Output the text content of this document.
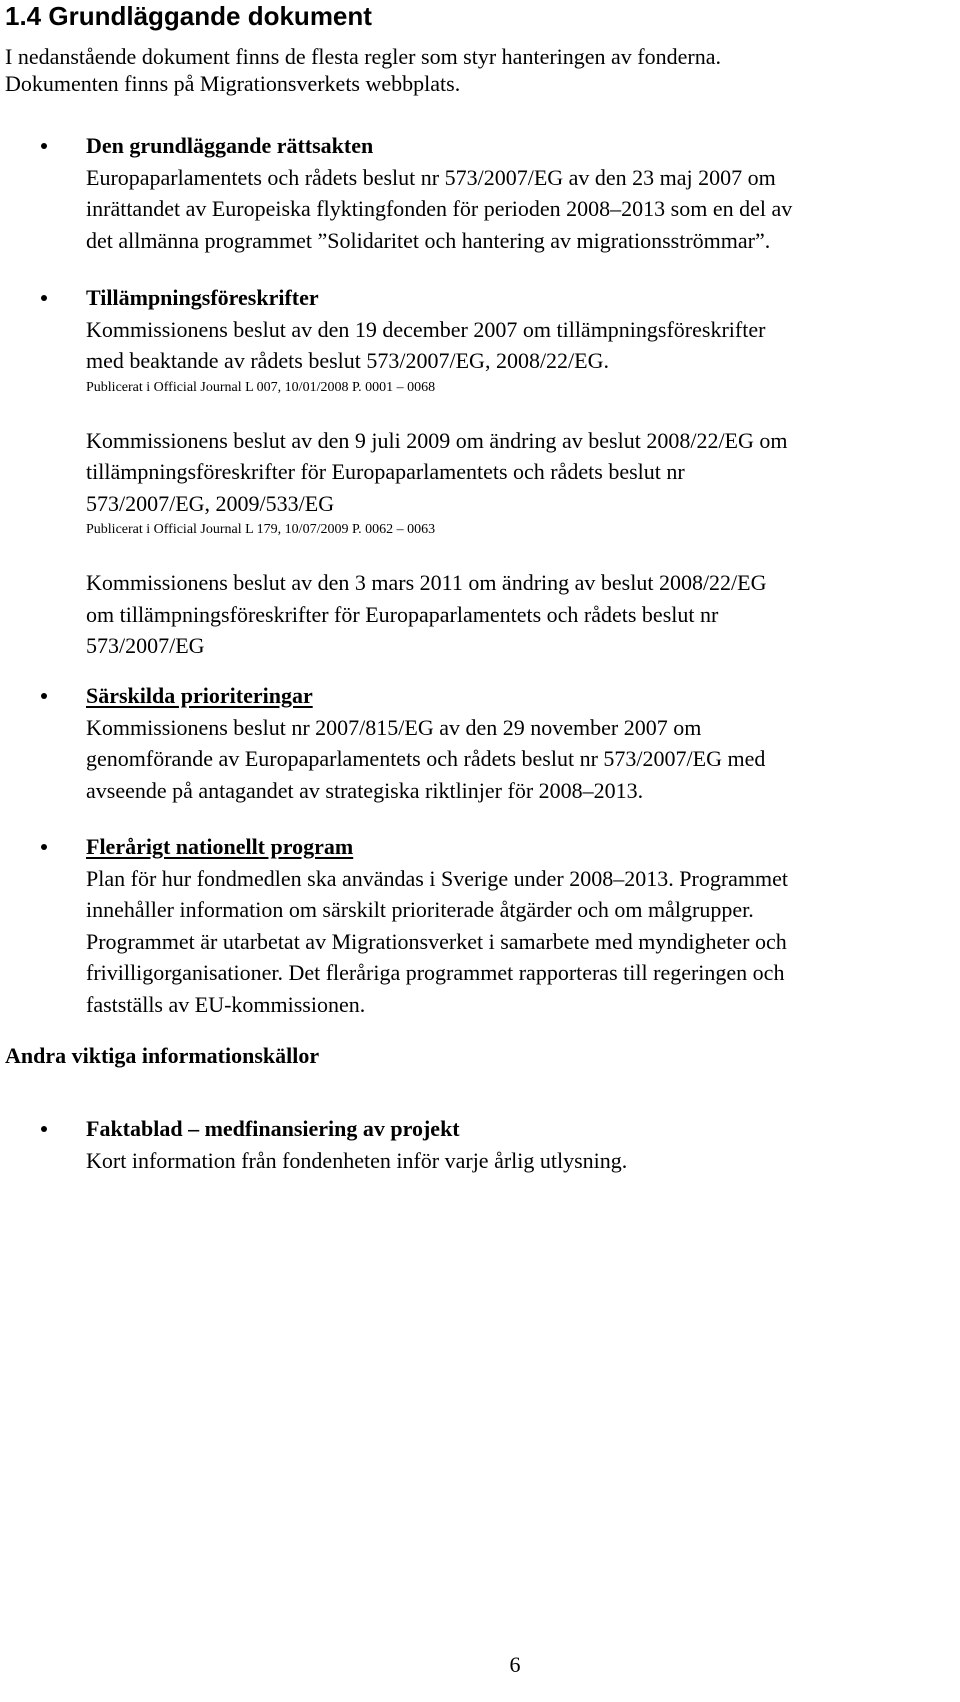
1.4 Grundläggande dokument

I nedanstående dokument finns de flesta regler som styr hanteringen av fonderna.
Dokumenten finns på Migrationsverkets webbplats.

Den grundläggande rättsakten
Europaparlamentets och rådets beslut nr 573/2007/EG av den 23 maj 2007 om
inrättandet av Europeiska flyktingfonden för perioden 2008–2013 som en del av
det allmänna programmet ”Solidaritet och hantering av migrationsströmmar”.
Tillämpningsföreskrifter
Kommissionens beslut av den 19 december 2007 om tillämpningsföreskrifter
med beaktande av rådets beslut 573/2007/EG, 2008/22/EG.
Publicerat i Official Journal L 007, 10/01/2008 P. 0001 – 0068
Kommissionens beslut av den 9 juli 2009 om ändring av beslut 2008/22/EG om
tillämpningsföreskrifter för Europaparlamentets och rådets beslut nr
573/2007/EG, 2009/533/EG
Publicerat i Official Journal L 179, 10/07/2009 P. 0062 – 0063
Kommissionens beslut av den 3 mars 2011 om ändring av beslut 2008/22/EG
om tillämpningsföreskrifter för Europaparlamentets och rådets beslut nr
573/2007/EG
Särskilda prioriteringar
Kommissionens beslut nr 2007/815/EG av den 29 november 2007 om
genomförande av Europaparlamentets och rådets beslut nr 573/2007/EG med
avseende på antagandet av strategiska riktlinjer för 2008–2013.
Flerårigt nationellt program
Plan för hur fondmedlen ska användas i Sverige under 2008–2013. Programmet
innehåller information om särskilt prioriterade åtgärder och om målgrupper.
Programmet är utarbetat av Migrationsverket i samarbete med myndigheter och
frivilligorganisationer. Det fleråriga programmet rapporteras till regeringen och
fastställs av EU-kommissionen.
Andra viktiga informationskällor
Faktablad – medfinansiering av projekt
Kort information från fondenheten inför varje årlig utlysning.
6
